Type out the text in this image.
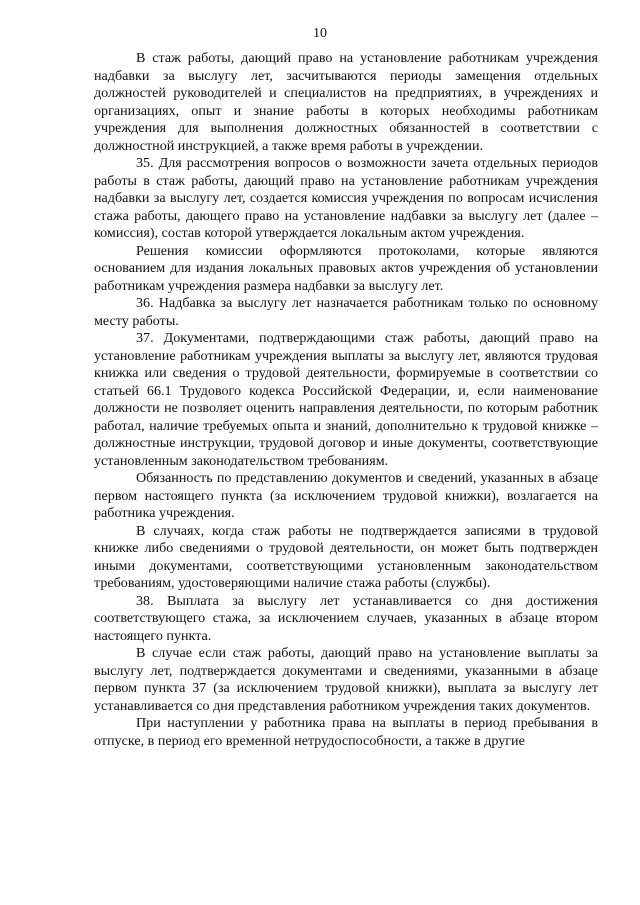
10

В стаж работы, дающий право на установление работникам учреждения надбавки за выслугу лет, засчитываются периоды замещения отдельных должностей руководителей и специалистов на предприятиях, в учреждениях и организациях, опыт и знание работы в которых необходимы работникам учреждения для выполнения должностных обязанностей в соответствии с должностной инструкцией, а также время работы в учреждении.

35. Для рассмотрения вопросов о возможности зачета отдельных периодов работы в стаж работы, дающий право на установление работникам учреждения надбавки за выслугу лет, создается комиссия учреждения по вопросам исчисления стажа работы, дающего право на установление надбавки за выслугу лет (далее – комиссия), состав которой утверждается локальным актом учреждения.

Решения комиссии оформляются протоколами, которые являются основанием для издания локальных правовых актов учреждения об установлении работникам учреждения размера надбавки за выслугу лет.

36. Надбавка за выслугу лет назначается работникам только по основному месту работы.

37. Документами, подтверждающими стаж работы, дающий право на установление работникам учреждения выплаты за выслугу лет, являются трудовая книжка или сведения о трудовой деятельности, формируемые в соответствии со статьей 66.1 Трудового кодекса Российской Федерации, и, если наименование должности не позволяет оценить направления деятельности, по которым работник работал, наличие требуемых опыта и знаний, дополнительно к трудовой книжке – должностные инструкции, трудовой договор и иные документы, соответствующие установленным законодательством требованиям.

Обязанность по представлению документов и сведений, указанных в абзаце первом настоящего пункта (за исключением трудовой книжки), возлагается на работника учреждения.

В случаях, когда стаж работы не подтверждается записями в трудовой книжке либо сведениями о трудовой деятельности, он может быть подтвержден иными документами, соответствующими установленным законодательством требованиям, удостоверяющими наличие стажа работы (службы).

38. Выплата за выслугу лет устанавливается со дня достижения соответствующего стажа, за исключением случаев, указанных в абзаце втором настоящего пункта.

В случае если стаж работы, дающий право на установление выплаты за выслугу лет, подтверждается документами и сведениями, указанными в абзаце первом пункта 37 (за исключением трудовой книжки), выплата за выслугу лет устанавливается со дня представления работником учреждения таких документов.

При наступлении у работника права на выплаты в период пребывания в отпуске, в период его временной нетрудоспособности, а также в другие
